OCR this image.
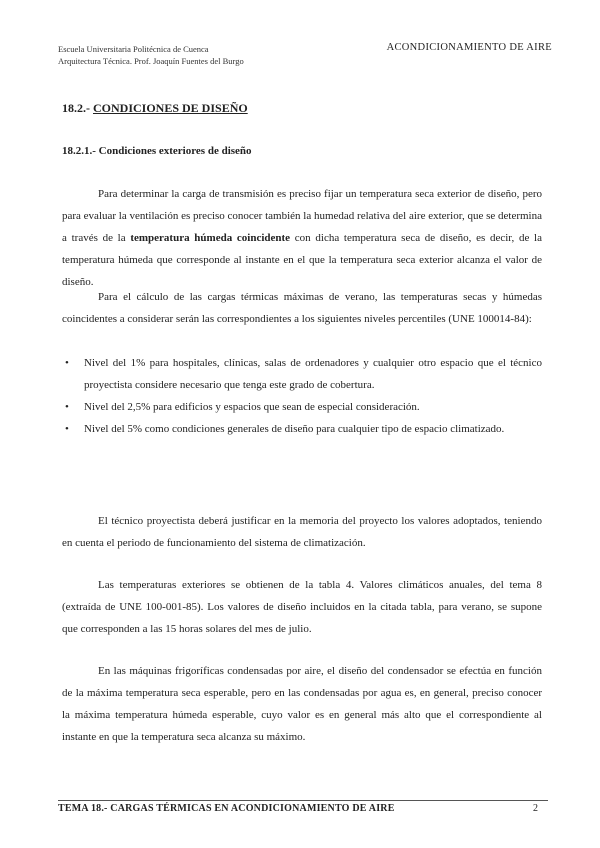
Escuela Universitaria Politécnica de Cuenca
Arquitectura Técnica. Prof. Joaquín Fuentes del Burgo
ACONDICIONAMIENTO DE AIRE
18.2.- CONDICIONES DE DISEÑO
18.2.1.- Condiciones exteriores de diseño

Para determinar la carga de transmisión es preciso fijar un temperatura seca exterior de diseño, pero para evaluar la ventilación es preciso conocer también la humedad relativa del aire exterior, que se determina a través de la temperatura húmeda coincidente con dicha temperatura seca de diseño, es decir, de la temperatura húmeda que corresponde al instante en el que la temperatura seca exterior alcanza el valor de diseño.

Para el cálculo de las cargas térmicas máximas de verano, las temperaturas secas y húmedas coincidentes a considerar serán las correspondientes a los siguientes niveles percentiles (UNE 100014-84):

• Nivel del 1% para hospitales, clínicas, salas de ordenadores y cualquier otro espacio que el técnico proyectista considere necesario que tenga este grado de cobertura.
• Nivel del 2,5% para edificios y espacios que sean de especial consideración.
• Nivel del 5% como condiciones generales de diseño para cualquier tipo de espacio climatizado.

El técnico proyectista deberá justificar en la memoria del proyecto los valores adoptados, teniendo en cuenta el periodo de funcionamiento del sistema de climatización.

Las temperaturas exteriores se obtienen de la tabla 4. Valores climáticos anuales, del tema 8 (extraída de UNE 100-001-85). Los valores de diseño incluidos en la citada tabla, para verano, se supone que corresponden a las 15 horas solares del mes de julio.

En las máquinas frigoríficas condensadas por aire, el diseño del condensador se efectúa en función de la máxima temperatura seca esperable, pero en las condensadas por agua es, en general, preciso conocer la máxima temperatura húmeda esperable, cuyo valor es en general más alto que el correspondiente al instante en que la temperatura seca alcanza su máximo.

TEMA 18.- CARGAS TÉRMICAS EN ACONDICIONAMIENTO DE AIRE	2
